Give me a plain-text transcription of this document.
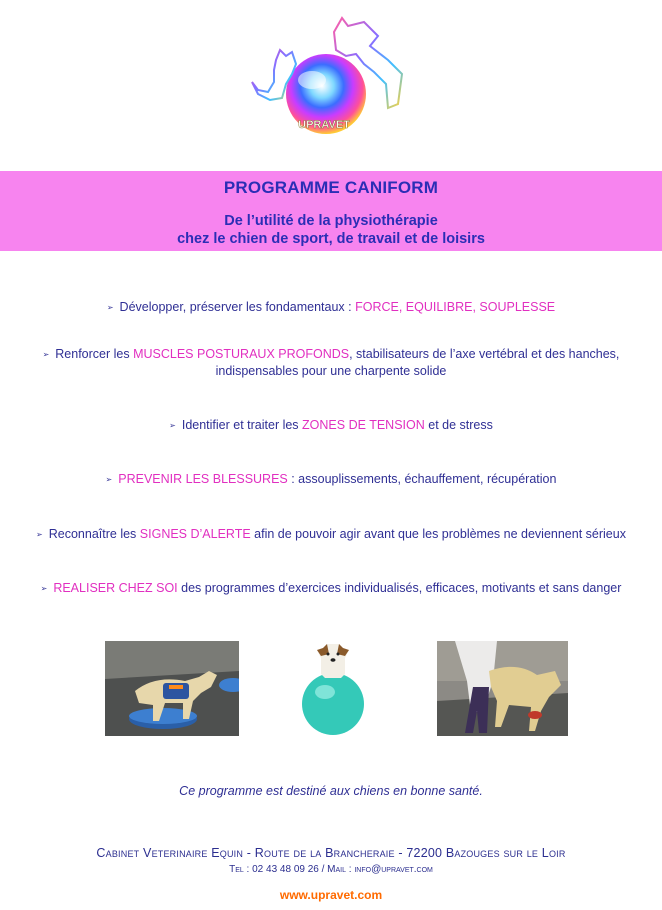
UPRAVET
PROGRAMME CANIFORM
De l’utilité de la physiothérapie
chez le chien de sport, de travail et de loisirs
➢ Développer, préserver les fondamentaux : FORCE, EQUILIBRE, SOUPLESSE
➢ Renforcer les MUSCLES POSTURAUX PROFONDS, stabilisateurs de l’axe vertébral et des hanches,
indispensables pour une charpente solide
➢ Identifier et traiter les ZONES DE TENSION et de stress
➢ PREVENIR LES BLESSURES : assouplissements, échauffement, récupération
➢ Reconnaître les SIGNES D’ALERTE afin de pouvoir agir avant que les problèmes ne deviennent sérieux
➢ REALISER CHEZ SOI des programmes d’exercices individualisés, efficaces, motivants et sans danger
Ce programme est destiné aux chiens en bonne santé.
Cabinet Veterinaire Equin - Route de la Brancheraie - 72200 Bazouges sur le Loir
Tel : 02 43 48 09 26 / Mail : info@upravet.com
www.upravet.com
